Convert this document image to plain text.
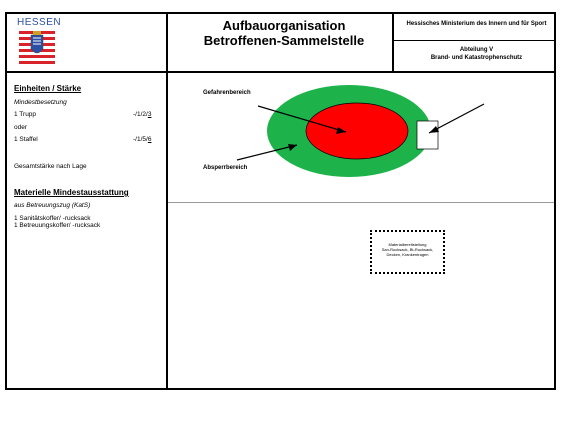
HESSEN	Aufbauorganisation
Betroffenen-Sammelstelle
Hessisches Ministerium des Innern und für Sport
Abteilung V
Brand- und Katastrophenschutz
Einheiten / Stärke
Mindestbesetzung
1 Trupp	-/1/2/3
oder
1 Staffel	-/1/5/6
Gesamtstärke nach Lage
Materielle Mindestausstattung
aus Betreuungszug (KatS)
1 Sanitätskoffer/ -rucksack
1 Betreuungskoffer/ -rucksack
Gefahrenbereich
Absperrbereich
Materialbereitstellung
San-Rucksack, Bt-Rucksack,
Decken, Krankentragen
